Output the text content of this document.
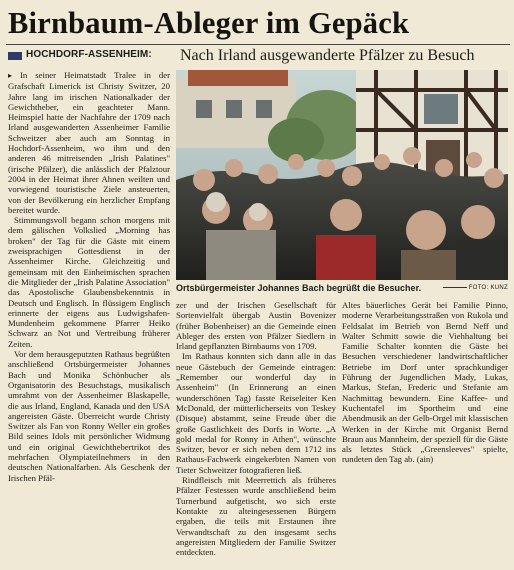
Birnbaum-Ableger im Gepäck
HOCHDORF-ASSENHEIM: Nach Irland ausgewanderte Pfälzer zu Besuch

▸ In seiner Heimatstadt Tralee in der Grafschaft Limerick ist Christy Switzer, 20 Jahre lang im irischen Nationalkader der Gewichtheber, ein geachteter Mann. Heimspiel hatte der Nachfahre der 1709 nach Irland ausgewanderten Assenheimer Familie Schweitzer aber auch am Sonntag in Hochdorf-Assenheim, wo ihm und den anderen 46 mitreisenden „Irish Palatines" (irische Pfälzer), die anlässlich der Pfalztour 2004 in der Heimat ihrer Ahnen weilten und vorwiegend touristische Ziele ansteuerten, von der Bevölkerung ein herzlicher Empfang bereitet wurde.

Stimmungsvoll begann schon morgens mit dem gälischen Volkslied „Morning has broken" der Tag für die Gäste mit einem zweisprachigen Gottesdienst in der Assenheimer Kirche. Gleichzeitig und gemeinsam mit den Einheimischen sprachen die Mitglieder der „Irish Palatine Association" das Apostolische Glaubensbekenntnis in Deutsch und Englisch. In flüssigem Englisch erinnerte der eigens aus Ludwigshafen-Mundenheim gekommene Pfarrer Heiko Schwarz an Not und Vertreibung früherer Zeiten.

Vor dem herausgeputzten Rathaus begrüßten anschließend Ortsbürgermeister Johannes Bach und Monika Schönbucher als Organisatorin des Besuchstags, musikalisch umrahmt von der Assenheimer Blaskapelle, die aus Irland, England, Kanada und den USA angereisten Gäste. Überreicht wurde Christy Switzer als Fan von Ronny Weller ein großes Bild seines Idols mit persönlicher Widmung und ein original Gewichthebertrikot des mehrfachen Olympiateilnehmers in den deutschen Nationalfarben. Als Geschenk der Irischen Pfäl-

Ortsbürgermeister Johannes Bach begrüßt die Besucher.	FOTO: KUNZ

zer und der Irischen Gesellschaft für Sortenvielfalt übergab Austin Bovenizer (früher Bobenheiser) an die Gemeinde einen Ableger des ersten von Pfälzer Siedlern in Irland gepflanzten Birnbaums von 1709.

Im Rathaus konnten sich dann alle in das neue Gästebuch der Gemeinde eintragen: „Remember our wonderful day in Assenheim" (In Erinnerung an einen wunderschönen Tag) fasste Reiseleiter Ken McDonald, der mütterlicherseits von Teskey (Disque) abstammt, seine Freude über die große Gastlichkeit des Dorfs in Worte. „A gold medal for Ronny in Athen", wünschte Switzer, bevor er sich neben dem 1712 ins Rathaus-Fachwerk eingekerbten Namen von Tieter Schweitzer fotografieren ließ.

Rindfleisch mit Meerrettich als früheres Pfälzer Festessen wurde anschließend beim Turnerbund aufgetischt, wo sich erste Kontakte zu alteingesessenen Bürgern ergaben, die teils mit Erstaunen ihre Verwandtschaft zu den insgesamt sechs angereisten Mitgliedern der Familie Switzer entdeckten.

Altes bäuerliches Gerät bei Familie Pinno, moderne Verarbeitungsstraßen von Rukola und Feldsalat im Betrieb von Bernd Neff und Walter Schmitt sowie die Viehhaltung bei Familie Schalter konnten die Gäste bei Besuchen verschiedener landwirtschaftlicher Betriebe im Dorf unter sprachkundiger Führung der Jugendlichen Mady, Lukas, Markus, Stefan, Frederic und Stefanie am Nachmittag bewundern. Eine Kaffee- und Kuchentafel im Sportheim und eine Abendmusik an der Gelb-Orgel mit klassischen Werken in der Kirche mit Organist Bernd Braun aus Mannheim, der speziell für die Gäste als letztes Stück „Greensleeves" spielte, rundeten den Tag ab. (ain)
